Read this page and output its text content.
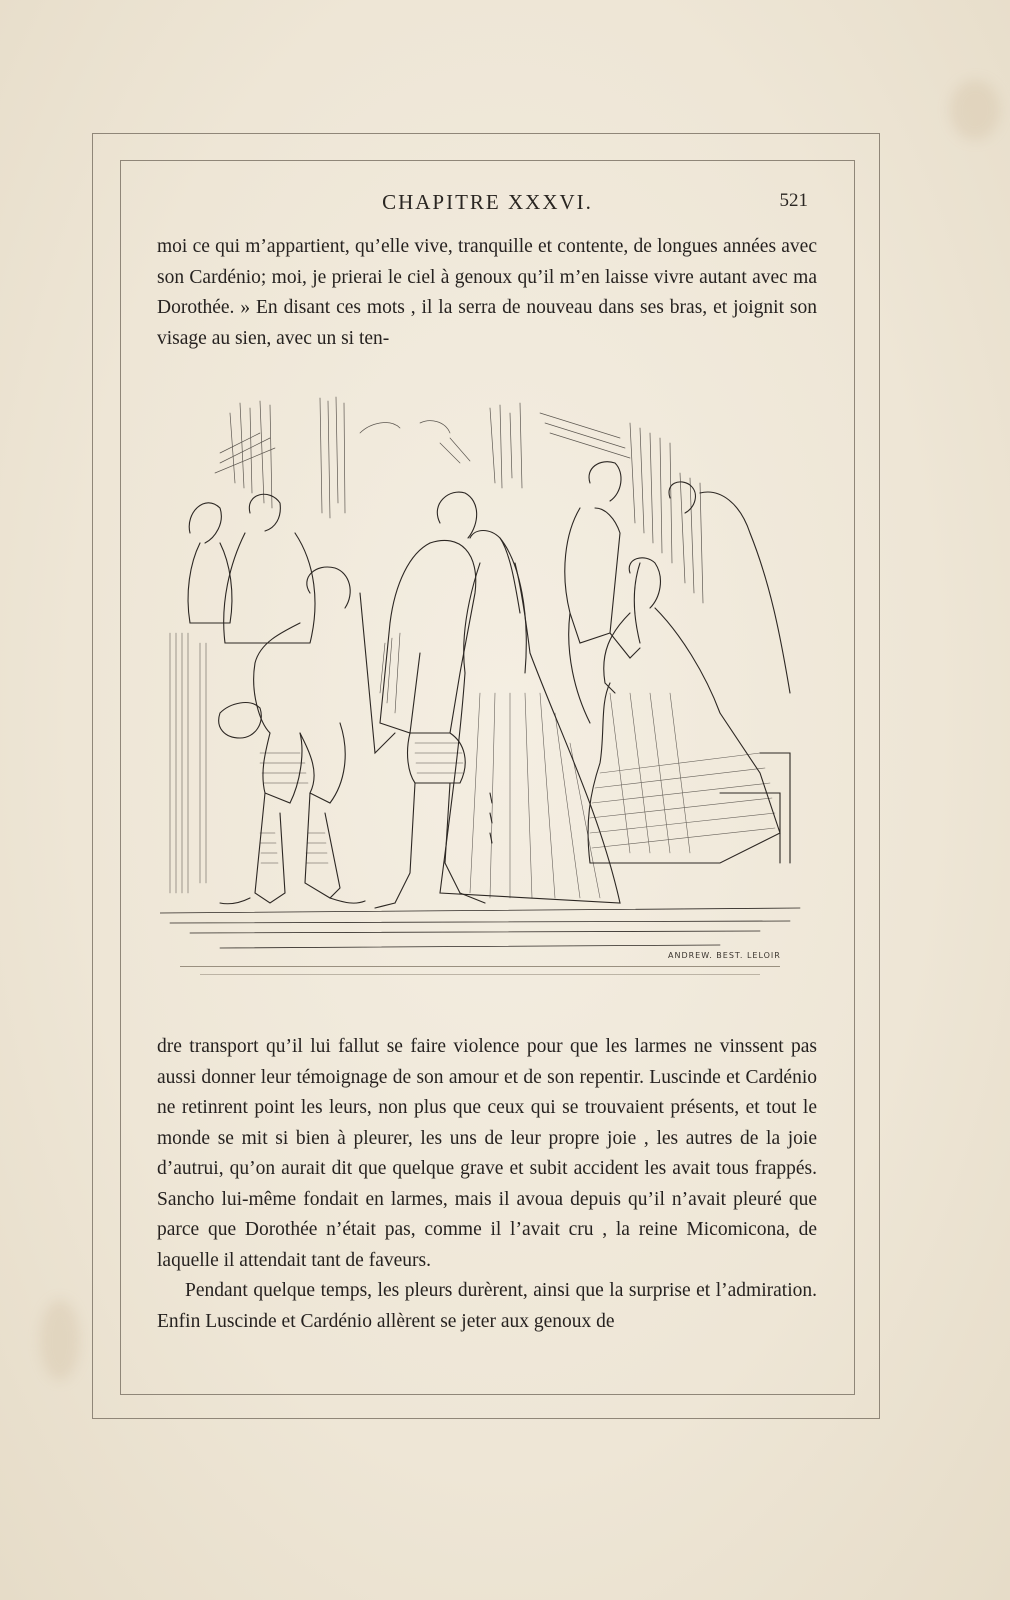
CHAPITRE XXXVI.	521

moi ce qui m’appartient, qu’elle vive, tranquille et contente, de longues années avec son Cardénio; moi, je prierai le ciel à genoux qu’il m’en laisse vivre autant avec ma Dorothée. » En disant ces mots , il la serra de nouveau dans ses bras, et joignit son visage au sien, avec un si ten-

ANDREW. BEST. LELOIR

dre transport qu’il lui fallut se faire violence pour que les larmes ne vinssent pas aussi donner leur témoignage de son amour et de son repentir. Luscinde et Cardénio ne retinrent point les leurs, non plus que ceux qui se trouvaient présents, et tout le monde se mit si bien à pleurer, les uns de leur propre joie , les autres de la joie d’autrui, qu’on aurait dit que quelque grave et subit accident les avait tous frappés. Sancho lui-même fondait en larmes, mais il avoua depuis qu’il n’avait pleuré que parce que Dorothée n’était pas, comme il l’avait cru , la reine Micomicona, de laquelle il attendait tant de faveurs.

Pendant quelque temps, les pleurs durèrent, ainsi que la surprise et l’admiration. Enfin Luscinde et Cardénio allèrent se jeter aux genoux de
